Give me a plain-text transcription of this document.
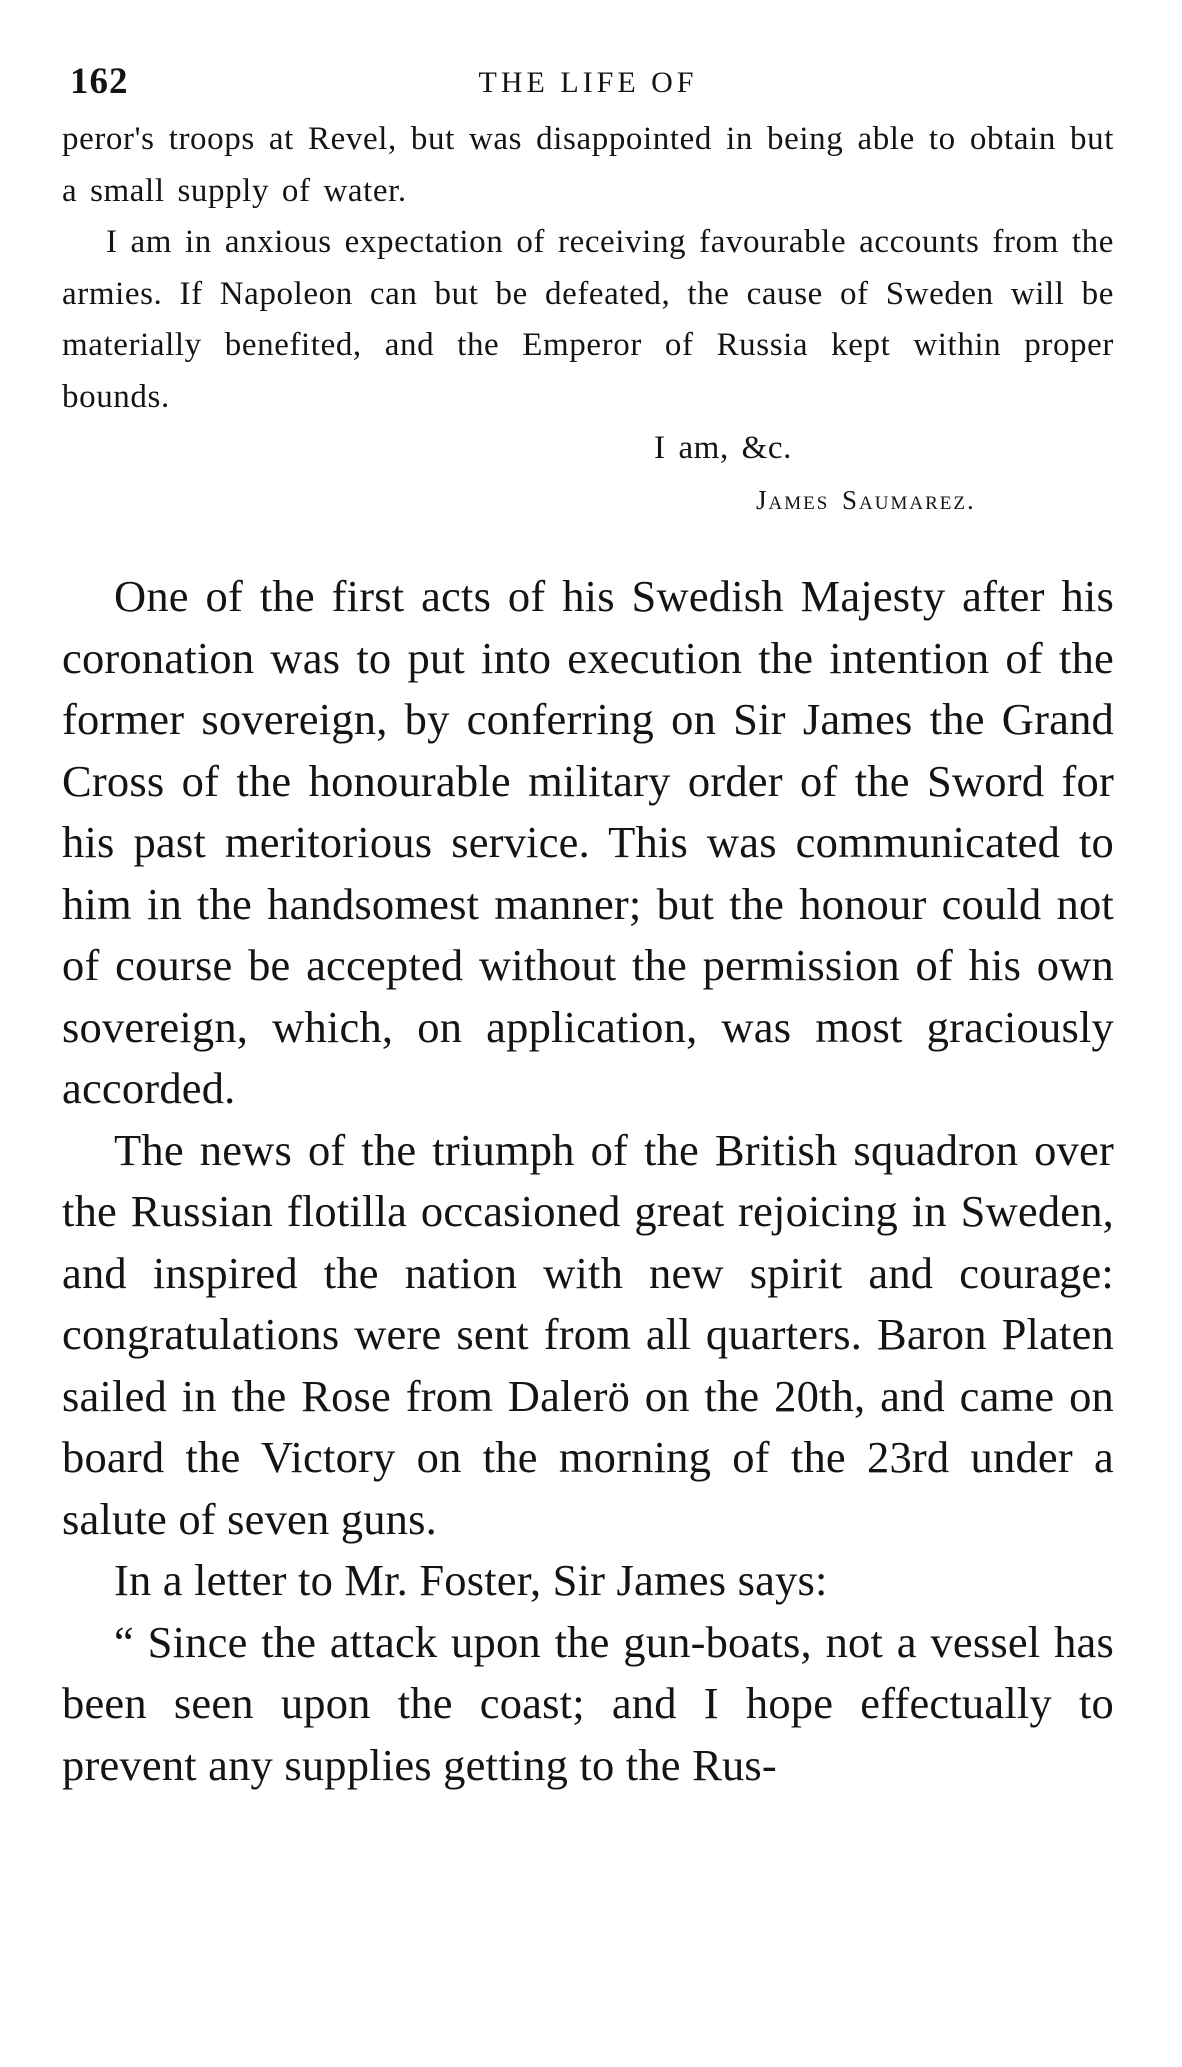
162	THE LIFE OF

peror's troops at Revel, but was disappointed in being able to obtain but a small supply of water.

I am in anxious expectation of receiving favourable accounts from the armies. If Napoleon can but be defeated, the cause of Sweden will be materially benefited, and the Emperor of Russia kept within proper bounds.

I am, &c.

James Saumarez.

One of the first acts of his Swedish Majesty after his coronation was to put into execution the intention of the former sovereign, by conferring on Sir James the Grand Cross of the honourable military order of the Sword for his past meritorious service. This was communicated to him in the handsomest manner; but the honour could not of course be accepted without the permission of his own sovereign, which, on application, was most graciously accorded.

The news of the triumph of the British squadron over the Russian flotilla occasioned great rejoicing in Sweden, and inspired the nation with new spirit and courage: congratulations were sent from all quarters. Baron Platen sailed in the Rose from Dalerö on the 20th, and came on board the Victory on the morning of the 23rd under a salute of seven guns.

In a letter to Mr. Foster, Sir James says:

“ Since the attack upon the gun-boats, not a vessel has been seen upon the coast; and I hope effectually to prevent any supplies getting to the Rus-
